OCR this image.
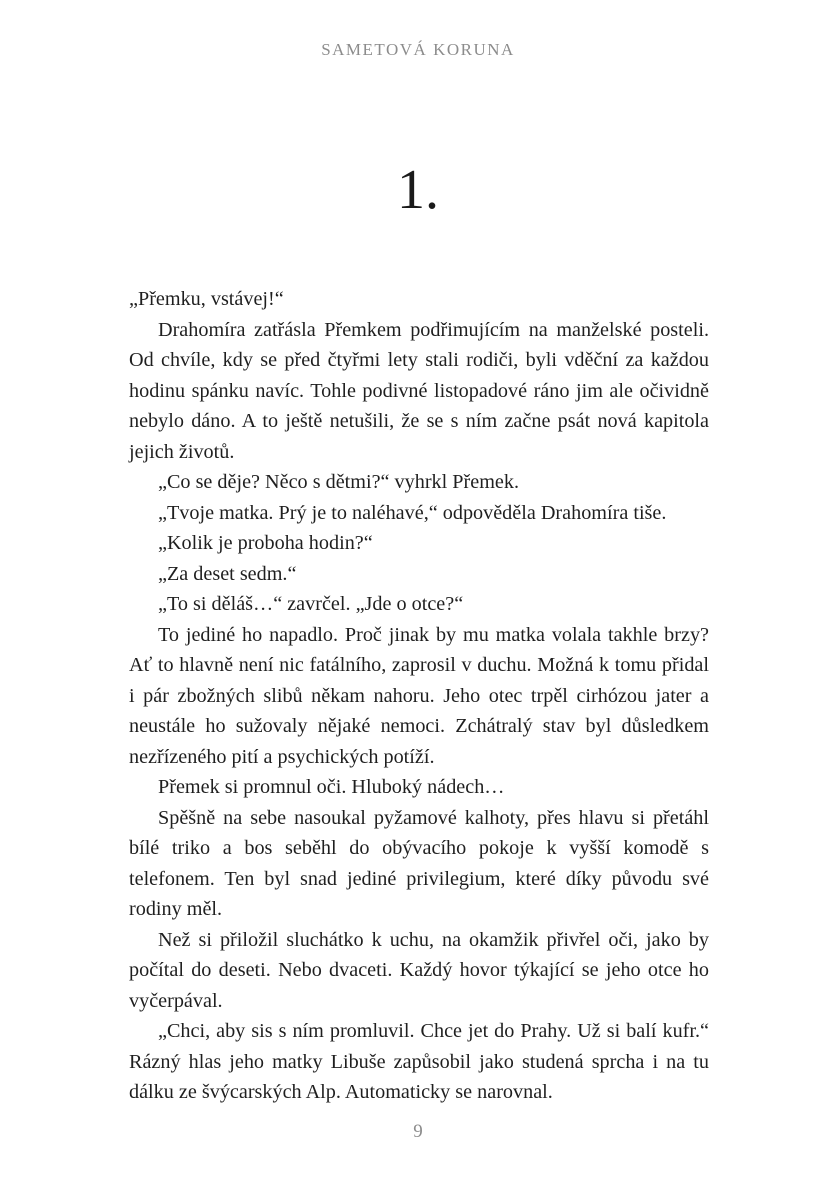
SAMETOVÁ KORUNA
1.

„Přemku, vstávej!“

Drahomíra zatřásla Přemkem podřimujícím na manželské posteli. Od chvíle, kdy se před čtyřmi lety stali rodiči, byli vděční za každou hodinu spánku navíc. Tohle podivné listopadové ráno jim ale očividně nebylo dáno. A to ještě netušili, že se s ním začne psát nová kapitola jejich životů.

„Co se děje? Něco s dětmi?“ vyhrkl Přemek.

„Tvoje matka. Prý je to naléhavé,“ odpověděla Drahomíra tiše.

„Kolik je proboha hodin?“

„Za deset sedm.“

„To si děláš…“ zavrčel. „Jde o otce?“

To jediné ho napadlo. Proč jinak by mu matka volala takhle brzy? Ať to hlavně není nic fatálního, zaprosil v duchu. Možná k tomu přidal i pár zbožných slibů někam nahoru. Jeho otec trpěl cirhózou jater a neustále ho sužovaly nějaké nemoci. Zchátralý stav byl důsledkem nezřízeného pití a psychických potíží.

Přemek si promnul oči. Hluboký nádech…

Spěšně na sebe nasoukal pyžamové kalhoty, přes hlavu si přetáhl bílé triko a bos seběhl do obývacího pokoje k vyšší komodě s telefonem. Ten byl snad jediné privilegium, které díky původu své rodiny měl.

Než si přiložil sluchátko k uchu, na okamžik přivřel oči, jako by počítal do deseti. Nebo dvaceti. Každý hovor týkající se jeho otce ho vyčerpával.

„Chci, aby sis s ním promluvil. Chce jet do Prahy. Už si balí kufr.“ Rázný hlas jeho matky Libuše zapůsobil jako studená sprcha i na tu dálku ze švýcarských Alp. Automaticky se narovnal.

9
